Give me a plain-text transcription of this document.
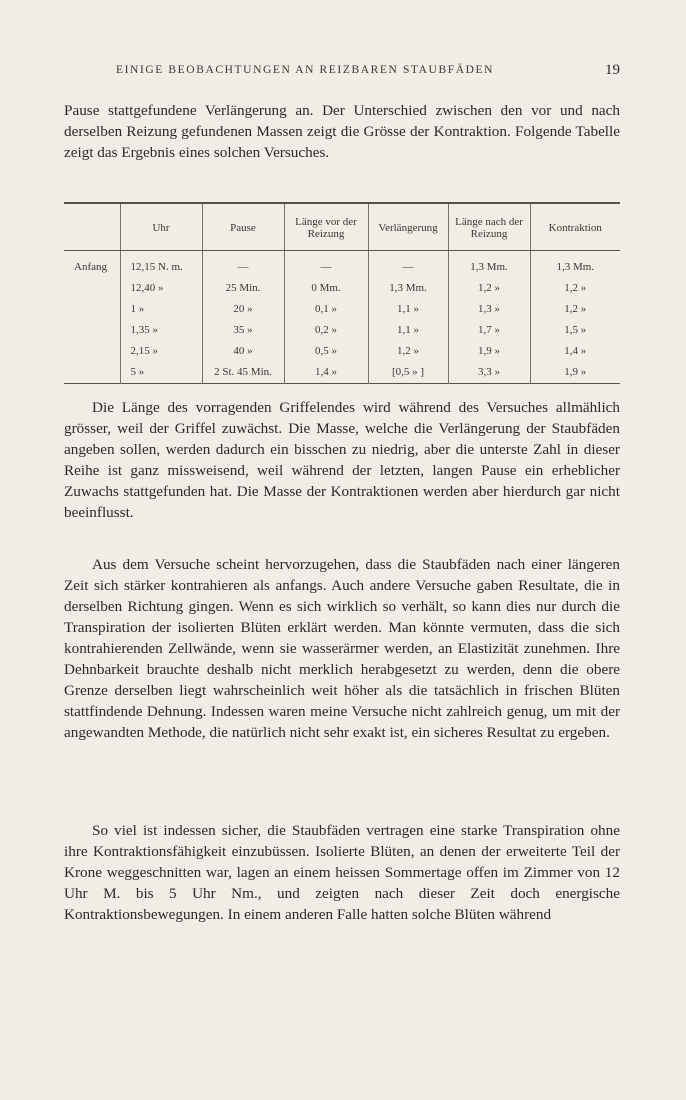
EINIGE BEOBACHTUNGEN AN REIZBAREN STAUBFÄDEN	19

Pause stattgefundene Verlängerung an. Der Unterschied zwischen den vor und nach derselben Reizung gefundenen Massen zeigt die Grösse der Kontraktion. Folgende Tabelle zeigt das Ergebnis eines solchen Versuches.

	Uhr	Pause	Länge vor der Reizung	Verlängerung	Länge nach der Reizung	Kontraktion
Anfang	12,15 N. m.	—	—	—	1,3 Mm.	1,3 Mm.
	12,40 »	25 Min.	0 Mm.	1,3 Mm.	1,2 »	1,2 »
	1 »	20 »	0,1 »	1,1 »	1,3 »	1,2 »
	1,35 »	35 »	0,2 »	1,1 »	1,7 »	1,5 »
	2,15 »	40 »	0,5 »	1,2 »	1,9 »	1,4 »
	5 »	2 St. 45 Min.	1,4 »	[0,5 » ]	3,3 »	1,9 »

Die Länge des vorragenden Griffelendes wird während des Versuches allmählich grösser, weil der Griffel zuwächst. Die Masse, welche die Verlängerung der Staubfäden angeben sollen, werden dadurch ein bisschen zu niedrig, aber die unterste Zahl in dieser Reihe ist ganz missweisend, weil während der letzten, langen Pause ein erheblicher Zuwachs stattgefunden hat. Die Masse der Kontraktionen werden aber hierdurch gar nicht beeinflusst.

Aus dem Versuche scheint hervorzugehen, dass die Staubfäden nach einer längeren Zeit sich stärker kontrahieren als anfangs. Auch andere Versuche gaben Resultate, die in derselben Richtung gingen. Wenn es sich wirklich so verhält, so kann dies nur durch die Transpiration der isolierten Blüten erklärt werden. Man könnte vermuten, dass die sich kontrahierenden Zellwände, wenn sie wasserärmer werden, an Elastizität zunehmen. Ihre Dehnbarkeit brauchte deshalb nicht merklich herabgesetzt zu werden, denn die obere Grenze derselben liegt wahrscheinlich weit höher als die tatsächlich in frischen Blüten stattfindende Dehnung. Indessen waren meine Versuche nicht zahlreich genug, um mit der angewandten Methode, die natürlich nicht sehr exakt ist, ein sicheres Resultat zu ergeben.

So viel ist indessen sicher, die Staubfäden vertragen eine starke Transpiration ohne ihre Kontraktionsfähigkeit einzubüssen. Isolierte Blüten, an denen der erweiterte Teil der Krone weggeschnitten war, lagen an einem heissen Sommertage offen im Zimmer von 12 Uhr M. bis 5 Uhr Nm., und zeigten nach dieser Zeit doch energische Kontraktionsbewegungen. In einem anderen Falle hatten solche Blüten während
